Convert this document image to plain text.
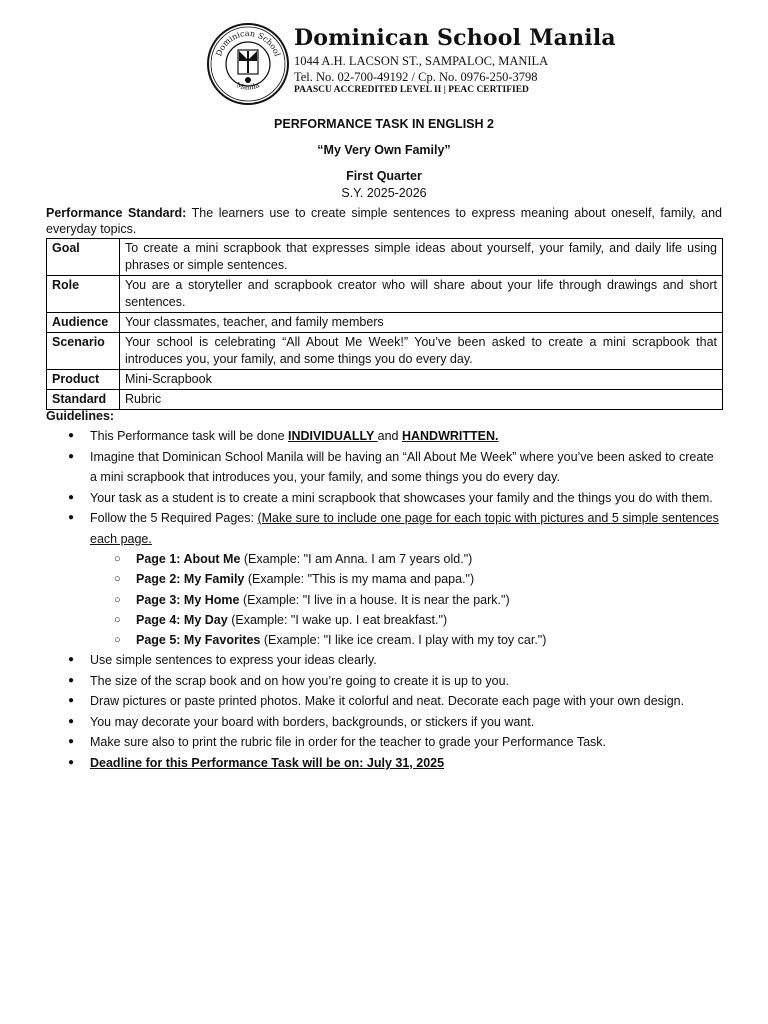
Dominican School
Manila
Dominican School Manila
1044 A.H. LACSON ST., SAMPALOC, MANILA
Tel. No. 02-700-49192 / Cp. No. 0976-250-3798
PAASCU ACCREDITED LEVEL II | PEAC CERTIFIED
PERFORMANCE TASK IN ENGLISH 2
“My Very Own Family”
First Quarter
S.Y. 2025-2026
Performance Standard: The learners use to create simple sentences to express meaning about oneself, family, and everyday topics.
Goal	To create a mini scrapbook that expresses simple ideas about yourself, your family, and daily life using phrases or simple sentences.
Role	You are a storyteller and scrapbook creator who will share about your life through drawings and short sentences.
Audience	Your classmates, teacher, and family members
Scenario	Your school is celebrating “All About Me Week!” You’ve been asked to create a mini scrapbook that introduces you, your family, and some things you do every day.
Product	Mini-Scrapbook
Standard	Rubric
Guidelines:
● This Performance task will be done INDIVIDUALLY and HANDWRITTEN.
● Imagine that Dominican School Manila will be having an “All About Me Week” where you’ve been asked to create a mini scrapbook that introduces you, your family, and some things you do every day.
● Your task as a student is to create a mini scrapbook that showcases your family and the things you do with them.
● Follow the 5 Required Pages: (Make sure to include one page for each topic with pictures and 5 simple sentences each page.
○ Page 1: About Me (Example: "I am Anna. I am 7 years old.")
○ Page 2: My Family (Example: "This is my mama and papa.")
○ Page 3: My Home (Example: "I live in a house. It is near the park.")
○ Page 4: My Day (Example: "I wake up. I eat breakfast.")
○ Page 5: My Favorites (Example: "I like ice cream. I play with my toy car.")
● Use simple sentences to express your ideas clearly.
● The size of the scrap book and on how you’re going to create it is up to you.
● Draw pictures or paste printed photos. Make it colorful and neat. Decorate each page with your own design.
● You may decorate your board with borders, backgrounds, or stickers if you want.
● Make sure also to print the rubric file in order for the teacher to grade your Performance Task.
● Deadline for this Performance Task will be on: July 31, 2025
